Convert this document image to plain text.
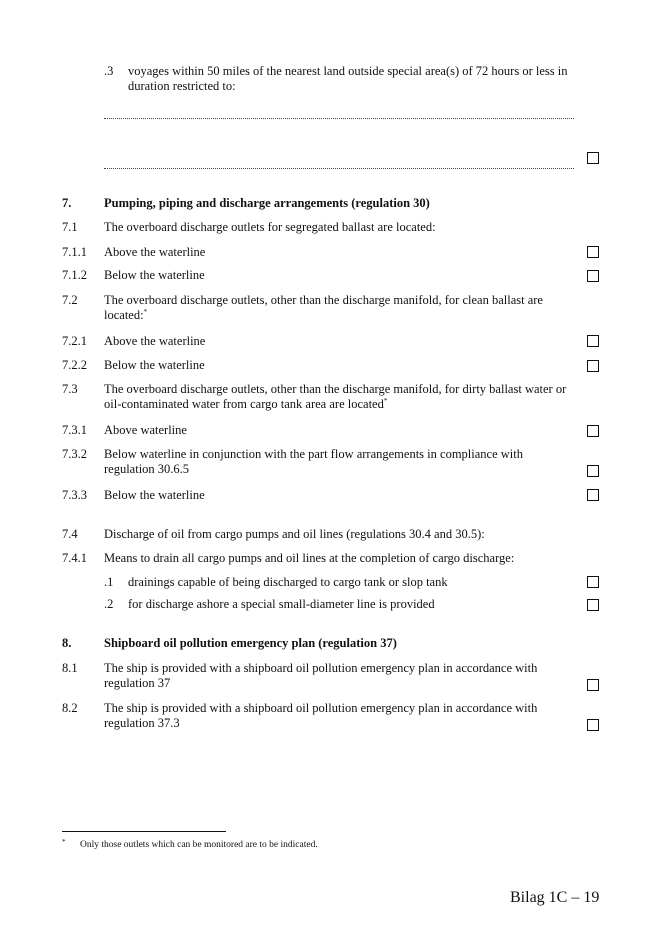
.3 voyages within 50 miles of the nearest land outside special area(s) of 72 hours or less in duration restricted to:
7.	Pumping, piping and discharge arrangements (regulation 30)
7.1 The overboard discharge outlets for segregated ballast are located:
7.1.1 Above the waterline
7.1.2 Below the waterline
7.2 The overboard discharge outlets, other than the discharge manifold, for clean ballast are located:*
7.2.1 Above the waterline
7.2.2 Below the waterline
7.3 The overboard discharge outlets, other than the discharge manifold, for dirty ballast water or oil-contaminated water from cargo tank area are located*
7.3.1 Above waterline
7.3.2 Below waterline in conjunction with the part flow arrangements in compliance with regulation 30.6.5
7.3.3 Below the waterline
7.4 Discharge of oil from cargo pumps and oil lines (regulations 30.4 and 30.5):
7.4.1 Means to drain all cargo pumps and oil lines at the completion of cargo discharge:
.1 drainings capable of being discharged to cargo tank or slop tank
.2 for discharge ashore a special small-diameter line is provided
8.	Shipboard oil pollution emergency plan (regulation 37)
8.1 The ship is provided with a shipboard oil pollution emergency plan in accordance with regulation 37
8.2 The ship is provided with a shipboard oil pollution emergency plan in accordance with regulation 37.3
* Only those outlets which can be monitored are to be indicated.
Bilag 1C – 19
